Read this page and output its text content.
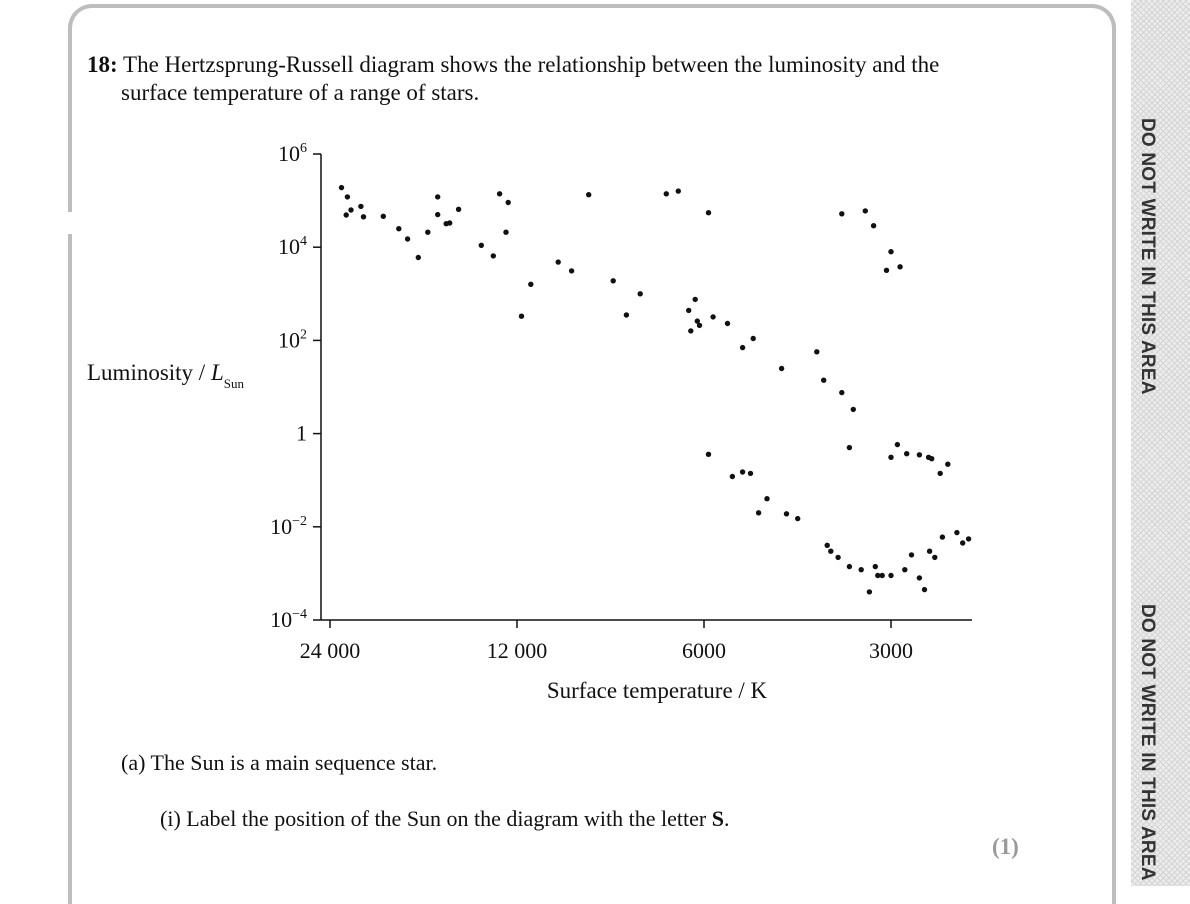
DO NOT WRITE IN THIS AREA
DO NOT WRITE IN THIS AREA
18: The Hertzsprung-Russell diagram shows the relationship between the luminosity and the
surface temperature of a range of stars.
Luminosity / $L_{Sun}$
$10^{-4}$
$10^{-2}$
1
$10^2$
$10^4$
$10^6$
24 000	12 000	6000	3000
Surface temperature / K
(a) The Sun is a main sequence star.
(i) Label the position of the Sun on the diagram with the letter S.
(1)
